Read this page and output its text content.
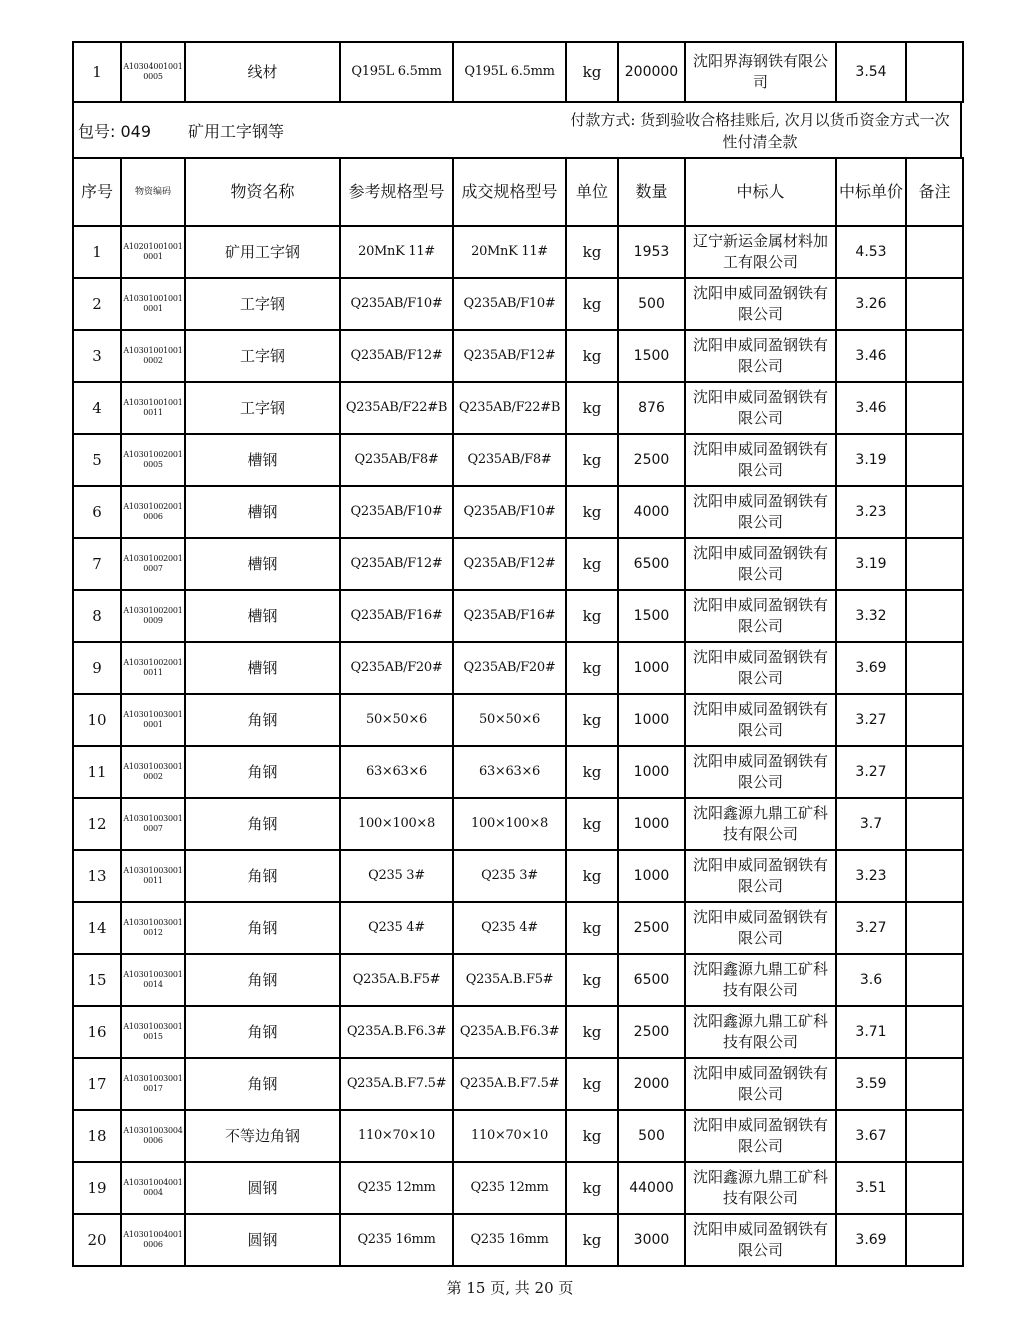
1	A10304001001 0005	线材	Q195L 6.5mm	Q195L 6.5mm	kg	200000	沈阳界海钢铁有限公司	3.54	
包号: 049 矿用工字钢等
付款方式: 货到验收合格挂账后, 次月以货币资金方式一次性付清全款
序号	物资编码	物资名称	参考规格型号	成交规格型号	单位	数量	中标人	中标单价	备注
1	A10201001001 0001	矿用工字钢	20MnK 11#	20MnK 11#	kg	1953	辽宁新运金属材料加工有限公司	4.53	
2	A10301001001 0001	工字钢	Q235AB/F10#	Q235AB/F10#	kg	500	沈阳申威同盈钢铁有限公司	3.26	
3	A10301001001 0002	工字钢	Q235AB/F12#	Q235AB/F12#	kg	1500	沈阳申威同盈钢铁有限公司	3.46	
4	A10301001001 0011	工字钢	Q235AB/F22#B	Q235AB/F22#B	kg	876	沈阳申威同盈钢铁有限公司	3.46	
5	A10301002001 0005	槽钢	Q235AB/F8#	Q235AB/F8#	kg	2500	沈阳申威同盈钢铁有限公司	3.19	
6	A10301002001 0006	槽钢	Q235AB/F10#	Q235AB/F10#	kg	4000	沈阳申威同盈钢铁有限公司	3.23	
7	A10301002001 0007	槽钢	Q235AB/F12#	Q235AB/F12#	kg	6500	沈阳申威同盈钢铁有限公司	3.19	
8	A10301002001 0009	槽钢	Q235AB/F16#	Q235AB/F16#	kg	1500	沈阳申威同盈钢铁有限公司	3.32	
9	A10301002001 0011	槽钢	Q235AB/F20#	Q235AB/F20#	kg	1000	沈阳申威同盈钢铁有限公司	3.69	
10	A10301003001 0001	角钢	50×50×6	50×50×6	kg	1000	沈阳申威同盈钢铁有限公司	3.27	
11	A10301003001 0002	角钢	63×63×6	63×63×6	kg	1000	沈阳申威同盈钢铁有限公司	3.27	
12	A10301003001 0007	角钢	100×100×8	100×100×8	kg	1000	沈阳鑫源九鼎工矿科技有限公司	3.7	
13	A10301003001 0011	角钢	Q235 3#	Q235 3#	kg	1000	沈阳申威同盈钢铁有限公司	3.23	
14	A10301003001 0012	角钢	Q235 4#	Q235 4#	kg	2500	沈阳申威同盈钢铁有限公司	3.27	
15	A10301003001 0014	角钢	Q235A.B.F5#	Q235A.B.F5#	kg	6500	沈阳鑫源九鼎工矿科技有限公司	3.6	
16	A10301003001 0015	角钢	Q235A.B.F6.3#	Q235A.B.F6.3#	kg	2500	沈阳鑫源九鼎工矿科技有限公司	3.71	
17	A10301003001 0017	角钢	Q235A.B.F7.5#	Q235A.B.F7.5#	kg	2000	沈阳申威同盈钢铁有限公司	3.59	
18	A10301003004 0006	不等边角钢	110×70×10	110×70×10	kg	500	沈阳申威同盈钢铁有限公司	3.67	
19	A10301004001 0004	圆钢	Q235 12mm	Q235 12mm	kg	44000	沈阳鑫源九鼎工矿科技有限公司	3.51	
20	A10301004001 0006	圆钢	Q235 16mm	Q235 16mm	kg	3000	沈阳申威同盈钢铁有限公司	3.69	
第 15 页, 共 20 页
